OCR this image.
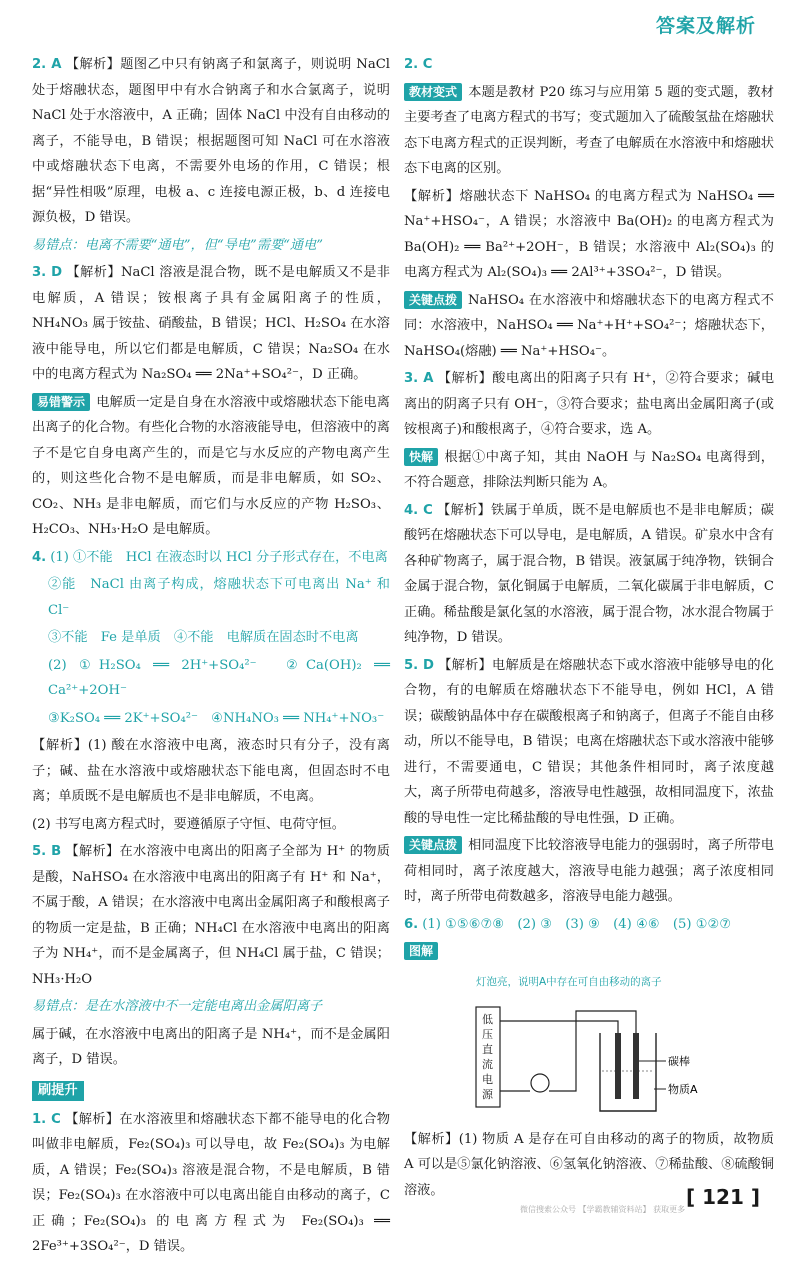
答案及解析
2. A 【解析】题图乙中只有钠离子和氯离子，则说明 NaCl 处于熔融状态，题图甲中有水合钠离子和水合氯离子，说明 NaCl 处于水溶液中，A 正确；固体 NaCl 中没有自由移动的离子，不能导电，B 错误；根据题图可知 NaCl 可在水溶液中或熔融状态下电离，不需要外电场的作用，C 错误；根据“异性相吸”原理，电极 a、c 连接电源正极，b、d 连接电源负极，D 错误。
易错点：电离不需要“通电”，但“导电”需要“通电”
3. D 【解析】NaCl 溶液是混合物，既不是电解质又不是非电解质，A 错误；铵根离子具有金属阳离子的性质，NH₄NO₃ 属于铵盐、硝酸盐，B 错误；HCl、H₂SO₄ 在水溶液中能导电，所以它们都是电解质，C 错误；Na₂SO₄ 在水中的电离方程式为 Na₂SO₄ ══ 2Na⁺+SO₄²⁻，D 正确。
易错警示 电解质一定是自身在水溶液中或熔融状态下能电离出离子的化合物。有些化合物的水溶液能导电，但溶液中的离子不是它自身电离产生的，而是它与水反应的产物电离产生的，则这些化合物不是电解质，而是非电解质，如 SO₂、CO₂、NH₃ 是非电解质，而它们与水反应的产物 H₂SO₃、H₂CO₃、NH₃·H₂O 是电解质。
4. (1) ①不能　HCl 在液态时以 HCl 分子形式存在，不电离
②能　NaCl 由离子构成，熔融状态下可电离出 Na⁺ 和 Cl⁻
③不能　Fe 是单质　④不能　电解质在固态时不电离
(2) ①H₂SO₄ ══ 2H⁺+SO₄²⁻　②Ca(OH)₂ ══ Ca²⁺+2OH⁻
③K₂SO₄ ══ 2K⁺+SO₄²⁻　④NH₄NO₃ ══ NH₄⁺+NO₃⁻
【解析】(1) 酸在水溶液中电离，液态时只有分子，没有离子；碱、盐在水溶液中或熔融状态下能电离，但固态时不电离；单质既不是电解质也不是非电解质，不电离。
(2) 书写电离方程式时，要遵循原子守恒、电荷守恒。
5. B 【解析】在水溶液中电离出的阳离子全部为 H⁺ 的物质是酸，NaHSO₄ 在水溶液中电离出的阳离子有 H⁺ 和 Na⁺，不属于酸，A 错误；在水溶液中电离出金属阳离子和酸根离子的物质一定是盐，B 正确；NH₄Cl 在水溶液中电离出的阳离子为 NH₄⁺，而不是金属离子，但 NH₄Cl 属于盐，C 错误；NH₃·H₂O
易错点：是在水溶液中不一定能电离出金属阳离子
属于碱，在水溶液中电离出的阳离子是 NH₄⁺，而不是金属阳离子，D 错误。
刷提升
1. C 【解析】在水溶液里和熔融状态下都不能导电的化合物叫做非电解质，Fe₂(SO₄)₃ 可以导电，故 Fe₂(SO₄)₃ 为电解质，A 错误；Fe₂(SO₄)₃ 溶液是混合物，不是电解质，B 错误；Fe₂(SO₄)₃ 在水溶液中可以电离出能自由移动的离子，C 正确；Fe₂(SO₄)₃ 的电离方程式为 Fe₂(SO₄)₃ ══ 2Fe³⁺+3SO₄²⁻，D 错误。
2. C
教材变式 本题是教材 P20 练习与应用第 5 题的变式题，教材主要考查了电离方程式的书写；变式题加入了硫酸氢盐在熔融状态下电离方程式的正误判断，考查了电解质在水溶液中和熔融状态下电离的区别。
【解析】熔融状态下 NaHSO₄ 的电离方程式为 NaHSO₄ ══ Na⁺+HSO₄⁻，A 错误；水溶液中 Ba(OH)₂ 的电离方程式为 Ba(OH)₂ ══ Ba²⁺+2OH⁻，B 错误；水溶液中 Al₂(SO₄)₃ 的电离方程式为 Al₂(SO₄)₃ ══ 2Al³⁺+3SO₄²⁻，D 错误。
关键点拨 NaHSO₄ 在水溶液中和熔融状态下的电离方程式不同：水溶液中，NaHSO₄ ══ Na⁺+H⁺+SO₄²⁻；熔融状态下，NaHSO₄(熔融) ══ Na⁺+HSO₄⁻。
3. A 【解析】酸电离出的阳离子只有 H⁺，②符合要求；碱电离出的阴离子只有 OH⁻，③符合要求；盐电离出金属阳离子(或铵根离子)和酸根离子，④符合要求，选 A。
快解 根据①中离子知，其由 NaOH 与 Na₂SO₄ 电离得到，不符合题意，排除法判断只能为 A。
4. C 【解析】铁属于单质，既不是电解质也不是非电解质；碳酸钙在熔融状态下可以导电，是电解质，A 错误。矿泉水中含有各种矿物离子，属于混合物，B 错误。液氯属于纯净物，铁铜合金属于混合物，氯化铜属于电解质，二氧化碳属于非电解质，C 正确。稀盐酸是氯化氢的水溶液，属于混合物，冰水混合物属于纯净物，D 错误。
5. D 【解析】电解质是在熔融状态下或水溶液中能够导电的化合物，有的电解质在熔融状态下不能导电，例如 HCl，A 错误；碳酸钠晶体中存在碳酸根离子和钠离子，但离子不能自由移动，所以不能导电，B 错误；电离在熔融状态下或水溶液中能够进行，不需要通电，C 错误；其他条件相同时，离子浓度越大，离子所带电荷越多，溶液导电性越强，故相同温度下，浓盐酸的导电性一定比稀盐酸的导电性强，D 正确。
关键点拨 相同温度下比较溶液导电能力的强弱时，离子所带电荷相同时，离子浓度越大，溶液导电能力越强；离子浓度相同时，离子所带电荷数越多，溶液导电能力越强。
6. (1) ①⑤⑥⑦⑧　(2) ③　(3) ⑨　(4) ④⑥　(5) ①②⑦
图解
灯泡亮，说明A中存在可自由移动的离子
低压直流电源
碳棒
物质A
【解析】(1) 物质 A 是存在可自由移动的离子的物质，故物质 A 可以是⑤氯化钠溶液、⑥氢氧化钠溶液、⑦稀盐酸、⑧硫酸铜溶液。	[ 121 ]
微信搜索公众号 【学霸教辅资料站】 获取更多
